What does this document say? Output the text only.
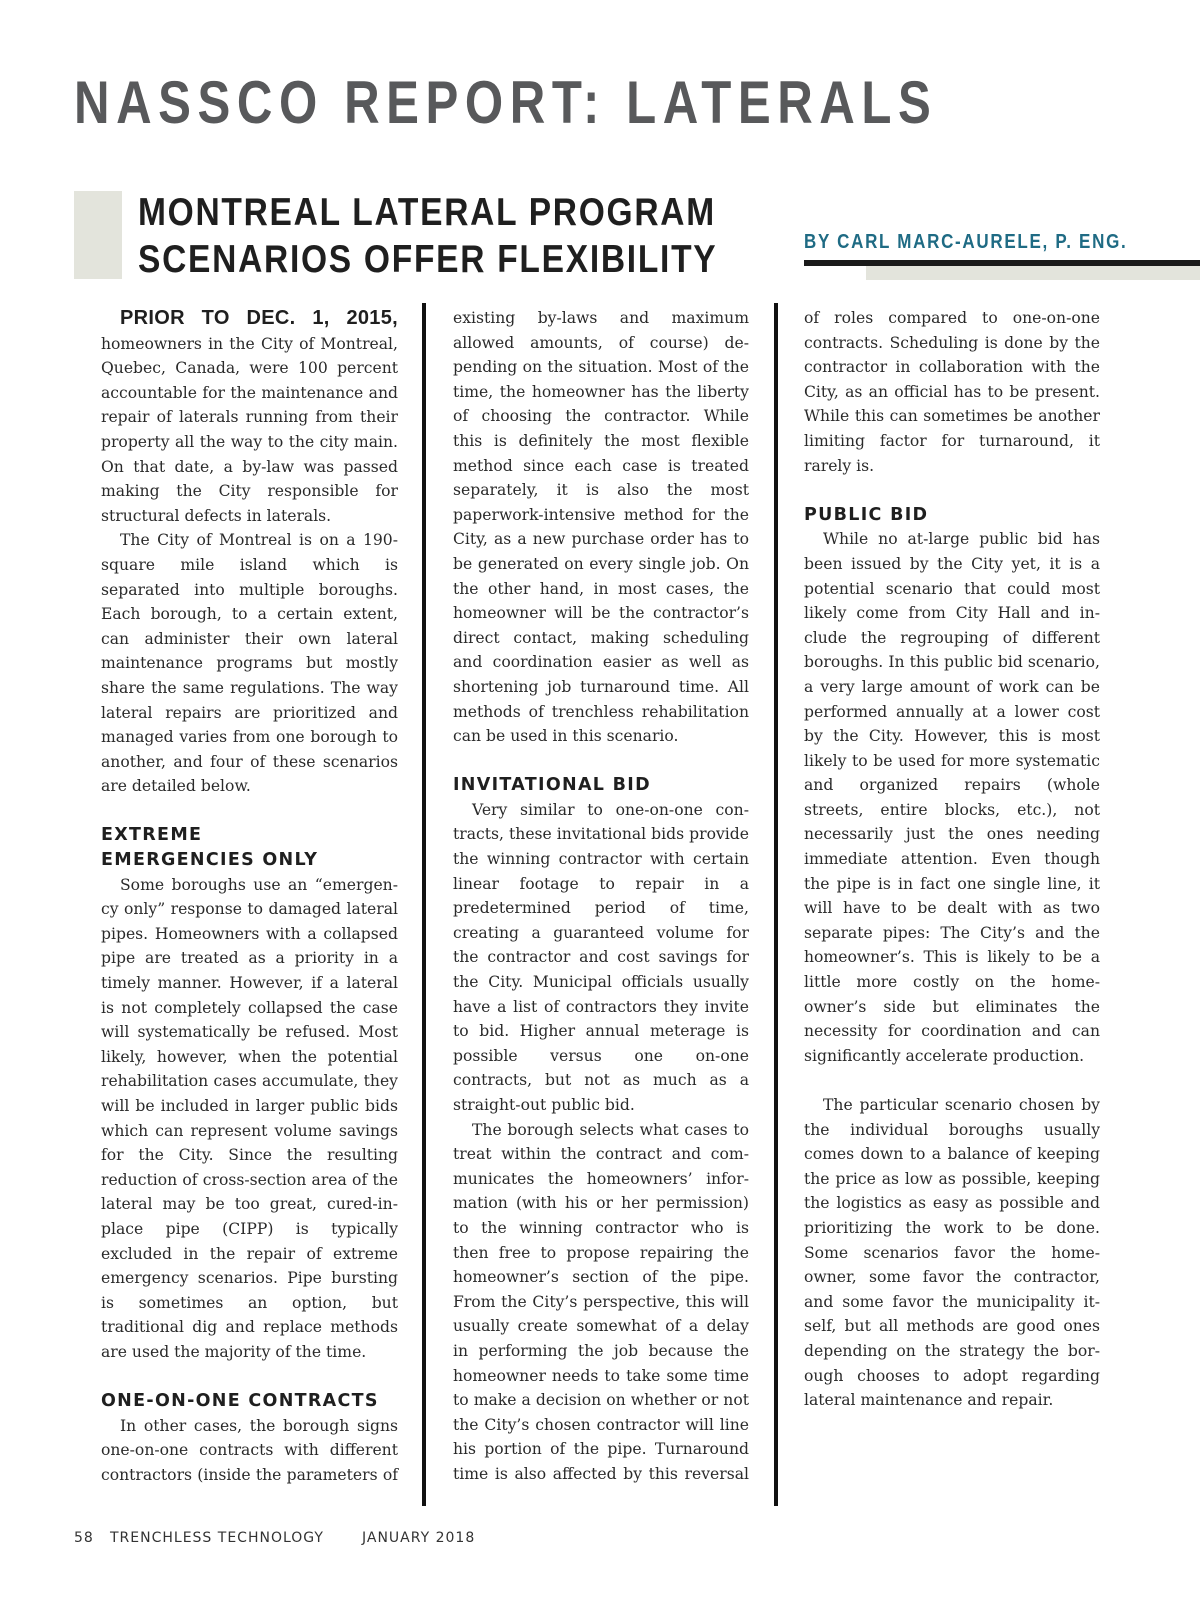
NASSCO REPORT: LATERALS
MONTREAL LATERAL PROGRAM
SCENARIOS OFFER FLEXIBILITY	BY CARL MARC-AURELE, P. ENG.

PRIOR TO DEC. 1, 2015, homeowners in the City of Montreal, Quebec, Canada, were 100 percent accountable for the maintenance and repair of laterals running from their property all the way to the city main. On that date, a by-law was passed making the City responsible for structural defects in laterals.

The City of Montreal is on a 190-square mile island which is separated into multiple boroughs. Each borough, to a certain extent, can administer their own lateral maintenance programs but mostly share the same regulations. The way lateral repairs are prioritized and managed varies from one borough to another, and four of these scenarios are detailed below.

EXTREME
EMERGENCIES ONLY

Some boroughs use an “emergency only” response to damaged lateral pipes. Homeowners with a collapsed pipe are treated as a priority in a timely manner. However, if a lateral is not completely collapsed the case will systematically be refused. Most likely, however, when the potential rehabilitation cases accumulate, they will be included in larger public bids which can represent volume savings for the City. Since the resulting reduction of cross-section area of the lateral may be too great, cured-in-place pipe (CIPP) is typically excluded in the repair of extreme emergency scenarios. Pipe bursting is sometimes an option, but traditional dig and replace methods are used the majority of the time.

ONE-ON-ONE CONTRACTS

In other cases, the borough signs one-on-one contracts with different contractors (inside the parameters of

existing by-laws and maximum allowed amounts, of course) depending on the situation. Most of the time, the homeowner has the liberty of choosing the contractor. While this is definitely the most flexible method since each case is treated separately, it is also the most paperwork-intensive method for the City, as a new purchase order has to be generated on every single job. On the other hand, in most cases, the homeowner will be the contractor’s direct contact, making scheduling and coordination easier as well as shortening job turnaround time. All methods of trenchless rehabilitation can be used in this scenario.

INVITATIONAL BID

Very similar to one-on-one contracts, these invitational bids provide the winning contractor with certain linear footage to repair in a predetermined period of time, creating a guaranteed volume for the contractor and cost savings for the City. Municipal officials usually have a list of contractors they invite to bid. Higher annual meterage is possible versus one on-one contracts, but not as much as a straight-out public bid.

The borough selects what cases to treat within the contract and communicates the homeowners’ information (with his or her permission) to the winning contractor who is then free to propose repairing the homeowner’s section of the pipe. From the City’s perspective, this will usually create somewhat of a delay in performing the job because the homeowner needs to take some time to make a decision on whether or not the City’s chosen contractor will line his portion of the pipe. Turnaround time is also affected by this reversal

of roles compared to one-on-one contracts. Scheduling is done by the contractor in collaboration with the City, as an official has to be present. While this can sometimes be another limiting factor for turnaround, it rarely is.

PUBLIC BID

While no at-large public bid has been issued by the City yet, it is a potential scenario that could most likely come from City Hall and include the regrouping of different boroughs. In this public bid scenario, a very large amount of work can be performed annually at a lower cost by the City. However, this is most likely to be used for more systematic and organized repairs (whole streets, entire blocks, etc.), not necessarily just the ones needing immediate attention. Even though the pipe is in fact one single line, it will have to be dealt with as two separate pipes: The City’s and the homeowner’s. This is likely to be a little more costly on the homeowner’s side but eliminates the necessity for coordination and can significantly accelerate production.

The particular scenario chosen by the individual boroughs usually comes down to a balance of keeping the price as low as possible, keeping the logistics as easy as possible and prioritizing the work to be done. Some scenarios favor the homeowner, some favor the contractor, and some favor the municipality itself, but all methods are good ones depending on the strategy the borough chooses to adopt regarding lateral maintenance and repair.

58 TRENCHLESS TECHNOLOGY	JANUARY 2018
